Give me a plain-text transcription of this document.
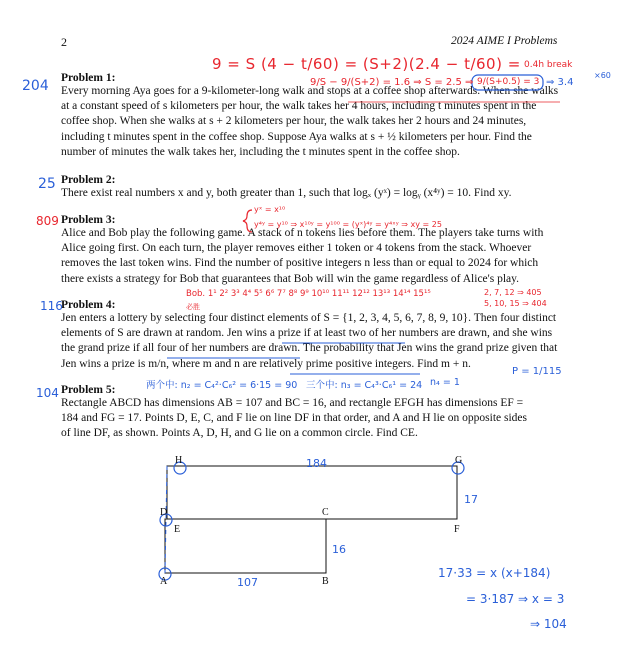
2	2024 AIME I Problems
Problem 1:
Every morning Aya goes for a 9-kilometer-long walk and stops at a coffee shop afterwards. When she walks
at a constant speed of s kilometers per hour, the walk takes her 4 hours, including t minutes spent in the
coffee shop. When she walks at s + 2 kilometers per hour, the walk takes her 2 hours and 24 minutes,
including t minutes spent in the coffee shop. Suppose Aya walks at s + ½ kilometers per hour. Find the
number of minutes the walk takes her, including the t minutes spent in the coffee shop.
Problem 2:
There exist real numbers x and y, both greater than 1, such that logₓ (yˣ) = logᵧ (x⁴ʸ) = 10. Find xy.
Problem 3:
Alice and Bob play the following game. A stack of n tokens lies before them. The players take turns with
Alice going first. On each turn, the player removes either 1 token or 4 tokens from the stack. Whoever
removes the last token wins. Find the number of positive integers n less than or equal to 2024 for which
there exists a strategy for Bob that guarantees that Bob will win the game regardless of Alice's play.
Problem 4:
Jen enters a lottery by selecting four distinct elements of S = {1, 2, 3, 4, 5, 6, 7, 8, 9, 10}. Then four distinct
elements of S are drawn at random. Jen wins a prize if at least two of her numbers are drawn, and she wins
the grand prize if all four of her numbers are drawn. The probability that Jen wins the grand prize given that
Jen wins a prize is m/n, where m and n are relatively prime positive integers. Find m + n.
Problem 5:
Rectangle ABCD has dimensions AB = 107 and BC = 16, and rectangle EFGH has dimensions EF =
184 and FG = 17. Points D, E, C, and F lie on line DF in that order, and A and H lie on opposite sides
of line DF, as shown. Points A, D, H, and G lie on a common circle. Find CE.
H	G
D
E
C
F
A	B
184
17
16
107
204
25
809
116
104
9 = S (4 − t/60) = (S+2)(2.4 − t/60) =
9/S − 9/(S+2) = 1.6 ⇒ S = 2.5 ⇒ 9/(S+0.5) = 3 ⇒ 3.4
0.4h break
×60
yˣ = x¹⁰
y⁴ʸ = y¹⁰ ⇒ x¹⁰ʸ = y¹⁰⁰ = (yˣ)⁴ʸ = y⁴ˣʸ ⇒ xy = 25
Bob. 1¹ 2² 3³ 4⁴ 5⁵ 6⁶ 7⁷ 8⁸ 9⁹ 10¹⁰ 11¹¹ 12¹² 13¹³ 14¹⁴ 15¹⁵
必胜
2, 7, 12 ⇒ 405
5, 10, 15 ⇒ 404
两个中: n₂ = C₄²·C₆² = 6·15 = 90 三个中: n₃ = C₄³·C₆¹ = 24 n₄ = 1
P = 1/115
17·33 = x (x+184)
= 3·187 ⇒ x = 3
⇒ 104
